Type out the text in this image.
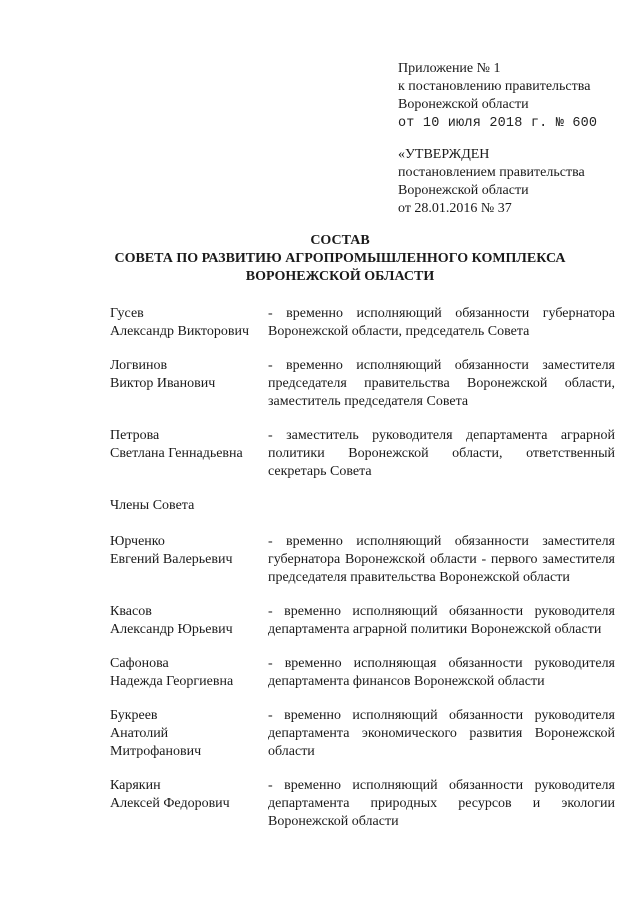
Приложение № 1
к постановлению правительства
Воронежской области
от 10 июля 2018 г. № 600
«УТВЕРЖДЕН
постановлением правительства
Воронежской области
от 28.01.2016 № 37
СОСТАВ
СОВЕТА ПО РАЗВИТИЮ АГРОПРОМЫШЛЕННОГО КОМПЛЕКСА
ВОРОНЕЖСКОЙ ОБЛАСТИ
Гусев
Александр Викторович
- временно исполняющий обязанности губернатора Воронежской области, председатель Совета
Логвинов
Виктор Иванович
- временно исполняющий обязанности заместителя председателя правительства Воронежской области, заместитель председателя Совета
Петрова
Светлана Геннадьевна
- заместитель руководителя департамента аграрной политики Воронежской области, ответственный секретарь Совета
Члены Совета
Юрченко
Евгений Валерьевич
- временно исполняющий обязанности заместителя губернатора Воронежской области - первого заместителя председателя правительства Воронежской области
Квасов
Александр Юрьевич
- временно исполняющий обязанности руководителя департамента аграрной политики Воронежской области
Сафонова
Надежда Георгиевна
- временно исполняющая обязанности руководителя департамента финансов Воронежской области
Букреев
Анатолий
Митрофанович
- временно исполняющий обязанности руководителя департамента экономического развития Воронежской области
Карякин
Алексей Федорович
- временно исполняющий обязанности руководителя департамента природных ресурсов и экологии Воронежской области
